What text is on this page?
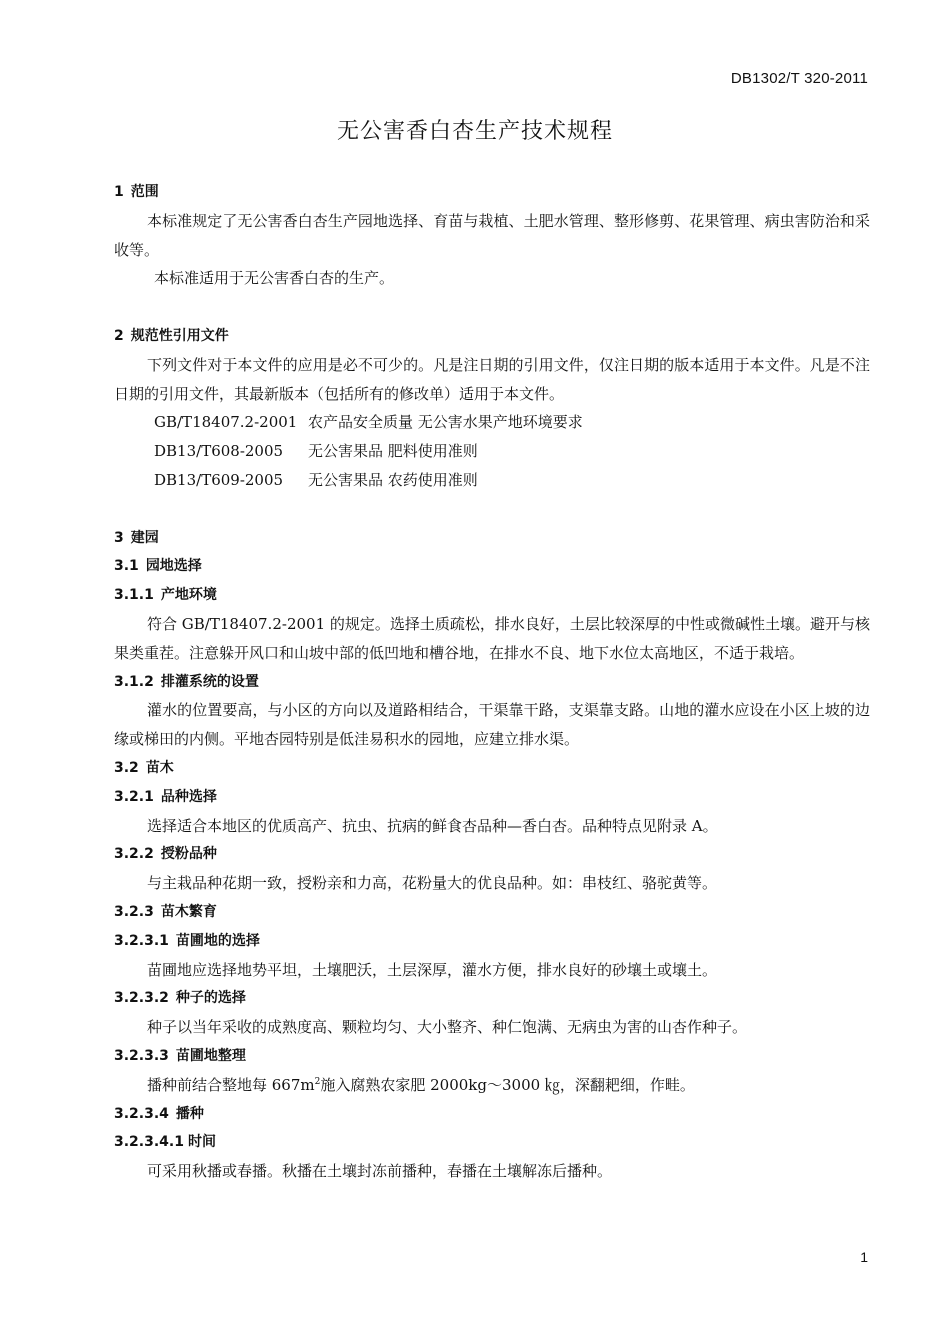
DB1302/T 320-2011
无公害香白杏生产技术规程
1 范围

本标准规定了无公害香白杏生产园地选择、育苗与栽植、土肥水管理、整形修剪、花果管理、病虫害防治和采收等。

本标准适用于无公害香白杏的生产。

2 规范性引用文件

下列文件对于本文件的应用是必不可少的。凡是注日期的引用文件，仅注日期的版本适用于本文件。凡是不注日期的引用文件，其最新版本（包括所有的修改单）适用于本文件。

GB/T18407.2-2001 农产品安全质量 无公害水果产地环境要求
DB13/T608-2005 无公害果品 肥料使用准则
DB13/T609-2005 无公害果品 农药使用准则
3 建园
3.1 园地选择
3.1.1 产地环境

符合 GB/T18407.2-2001 的规定。选择土质疏松，排水良好，土层比较深厚的中性或微碱性土壤。避开与核果类重茬。注意躲开风口和山坡中部的低凹地和槽谷地，在排水不良、地下水位太高地区，不适于栽培。

3.1.2 排灌系统的设置

灌水的位置要高，与小区的方向以及道路相结合，干渠靠干路，支渠靠支路。山地的灌水应设在小区上坡的边缘或梯田的内侧。平地杏园特别是低洼易积水的园地，应建立排水渠。

3.2 苗木
3.2.1 品种选择

选择适合本地区的优质高产、抗虫、抗病的鲜食杏品种—香白杏。品种特点见附录 A。

3.2.2 授粉品种

与主栽品种花期一致，授粉亲和力高，花粉量大的优良品种。如：串枝红、骆驼黄等。

3.2.3 苗木繁育
3.2.3.1 苗圃地的选择

苗圃地应选择地势平坦，土壤肥沃，土层深厚，灌水方便，排水良好的砂壤土或壤土。

3.2.3.2 种子的选择

种子以当年采收的成熟度高、颗粒均匀、大小整齐、种仁饱满、无病虫为害的山杏作种子。

3.2.3.3 苗圃地整理

播种前结合整地每 $667m^2$施入腐熟农家肥 2000kg～3000 ㎏，深翻耙细，作畦。

3.2.3.4 播种
3.2.3.4.1 时间

可采用秋播或春播。秋播在土壤封冻前播种，春播在土壤解冻后播种。

1
